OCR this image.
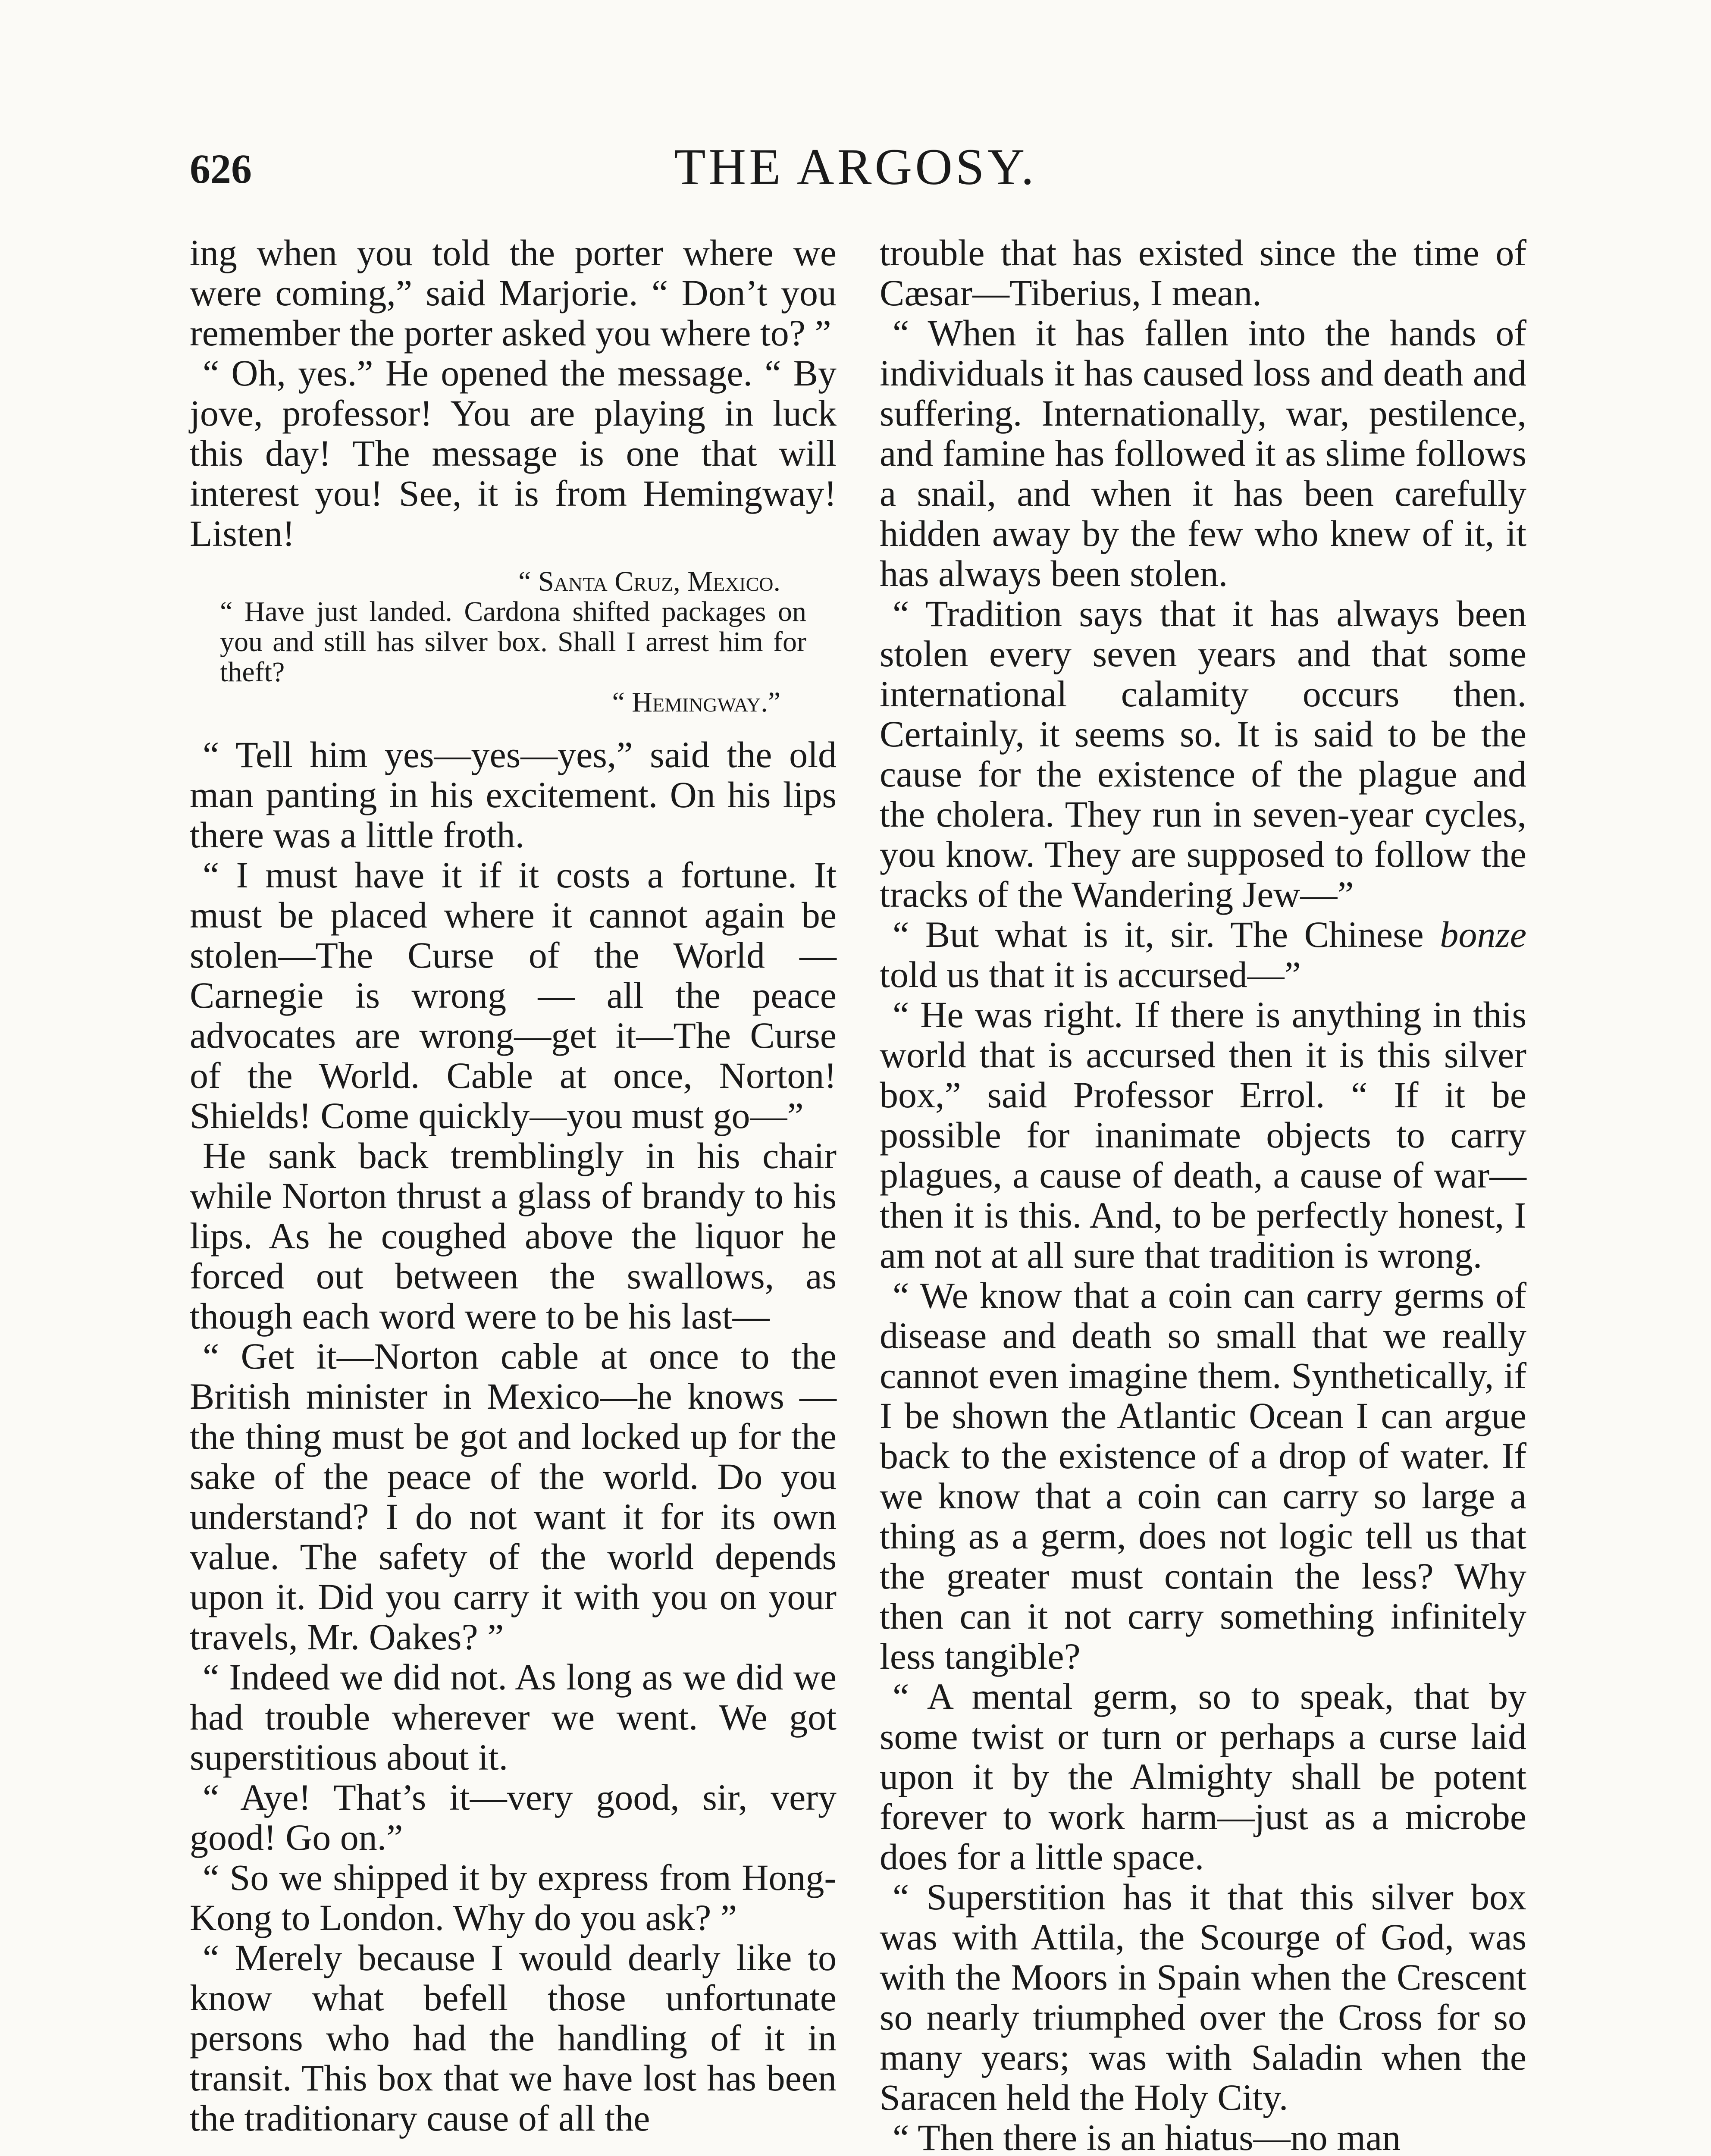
626	THE ARGOSY.

ing when you told the porter where we were coming,” said Marjorie. “ Don’t you remember the porter asked you where to? ”

“ Oh, yes.” He opened the message. “ By jove, professor! You are playing in luck this day! The message is one that will interest you! See, it is from Hemingway! Listen!

“ Santa Cruz, Mexico.
“ Have just landed. Cardona shifted packages on you and still has silver box. Shall I arrest him for theft?
“ Hemingway.”

“ Tell him yes—yes—yes,” said the old man panting in his excitement. On his lips there was a little froth.

“ I must have it if it costs a fortune. It must be placed where it cannot again be stolen—The Curse of the World — Carnegie is wrong — all the peace advocates are wrong—get it—The Curse of the World. Cable at once, Norton! Shields! Come quickly—you must go—”

He sank back tremblingly in his chair while Norton thrust a glass of brandy to his lips. As he coughed above the liquor he forced out between the swallows, as though each word were to be his last—

“ Get it—Norton cable at once to the British minister in Mexico—he knows —the thing must be got and locked up for the sake of the peace of the world. Do you understand? I do not want it for its own value. The safety of the world depends upon it. Did you carry it with you on your travels, Mr. Oakes? ”

“ Indeed we did not. As long as we did we had trouble wherever we went. We got superstitious about it.

“ Aye! That’s it—very good, sir, very good! Go on.”

“ So we shipped it by express from Hong-Kong to London. Why do you ask? ”

“ Merely because I would dearly like to know what befell those unfortunate persons who had the handling of it in transit. This box that we have lost has been the traditionary cause of all the

trouble that has existed since the time of Cæsar—Tiberius, I mean.

“ When it has fallen into the hands of individuals it has caused loss and death and suffering. Internationally, war, pestilence, and famine has followed it as slime follows a snail, and when it has been carefully hidden away by the few who knew of it, it has always been stolen.

“ Tradition says that it has always been stolen every seven years and that some international calamity occurs then. Certainly, it seems so. It is said to be the cause for the existence of the plague and the cholera. They run in seven-year cycles, you know. They are supposed to follow the tracks of the Wandering Jew—”

“ But what is it, sir. The Chinese bonze told us that it is accursed—”

“ He was right. If there is anything in this world that is accursed then it is this silver box,” said Professor Errol. “ If it be possible for inanimate objects to carry plagues, a cause of death, a cause of war—then it is this. And, to be perfectly honest, I am not at all sure that tradition is wrong.

“ We know that a coin can carry germs of disease and death so small that we really cannot even imagine them. Synthetically, if I be shown the Atlantic Ocean I can argue back to the existence of a drop of water. If we know that a coin can carry so large a thing as a germ, does not logic tell us that the greater must contain the less? Why then can it not carry something infinitely less tangible?

“ A mental germ, so to speak, that by some twist or turn or perhaps a curse laid upon it by the Almighty shall be potent forever to work harm—just as a microbe does for a little space.

“ Superstition has it that this silver box was with Attila, the Scourge of God, was with the Moors in Spain when the Crescent so nearly triumphed over the Cross for so many years; was with Saladin when the Saracen held the Holy City.

“ Then there is an hiatus—no man
